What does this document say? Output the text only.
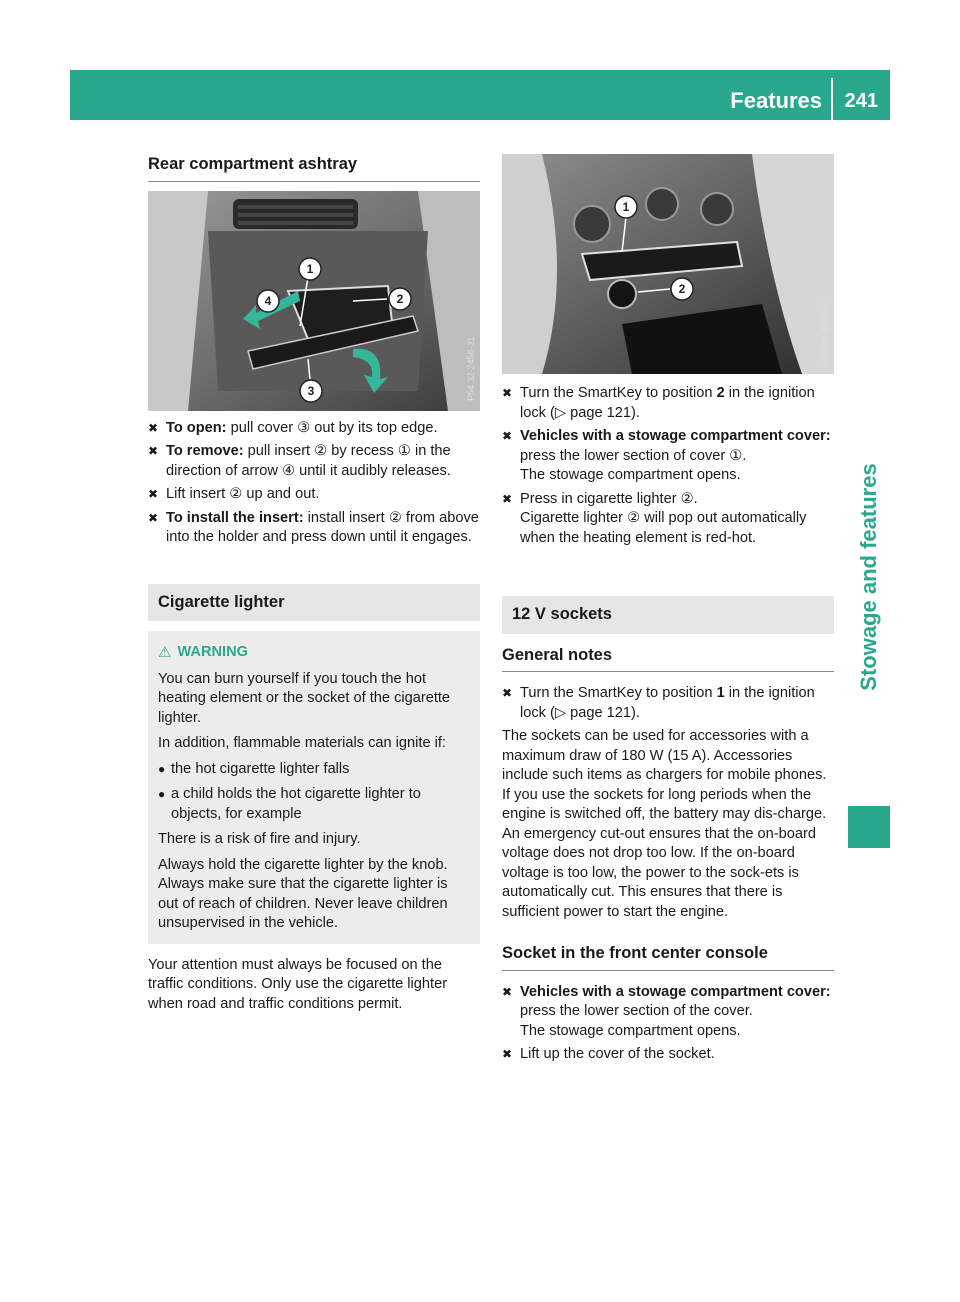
Features 241
Stowage and features
Rear compartment ashtray
1
2
3
4
P54.32-2458-31
✖ To open: pull cover ③ out by its top edge.
✖ To remove: pull insert ② by recess ① in the direction of arrow ④ until it audibly releases.
✖ Lift insert ② up and out.
✖ To install the insert: install insert ② from above into the holder and press down until it engages.
Cigarette lighter
⚠ WARNING

You can burn yourself if you touch the hot heating element or the socket of the cigarette lighter.

In addition, flammable materials can ignite if:

● the hot cigarette lighter falls
● a child holds the hot cigarette lighter to objects, for example

There is a risk of fire and injury.

Always hold the cigarette lighter by the knob. Always make sure that the cigarette lighter is out of reach of children. Never leave children unsupervised in the vehicle.

Your attention must always be focused on the traffic conditions. Only use the cigarette lighter when road and traffic conditions permit.

1
2
P68.20-8191-31
✖ Turn the SmartKey to position 2 in the ignition lock (▷ page 121).
✖ Vehicles with a stowage compartment cover: press the lower section of cover ①.
The stowage compartment opens.
✖ Press in cigarette lighter ②.
Cigarette lighter ② will pop out automatically when the heating element is red-hot.
12 V sockets
General notes
✖ Turn the SmartKey to position 1 in the ignition lock (▷ page 121).

The sockets can be used for accessories with a maximum draw of 180 W (15 A). Accessories include such items as chargers for mobile phones.

If you use the sockets for long periods when the engine is switched off, the battery may dis-charge.

An emergency cut-out ensures that the on-board voltage does not drop too low. If the on-board voltage is too low, the power to the sock-ets is automatically cut. This ensures that there is sufficient power to start the engine.

Socket in the front center console
✖ Vehicles with a stowage compartment cover: press the lower section of the cover.
The stowage compartment opens.
✖ Lift up the cover of the socket.
